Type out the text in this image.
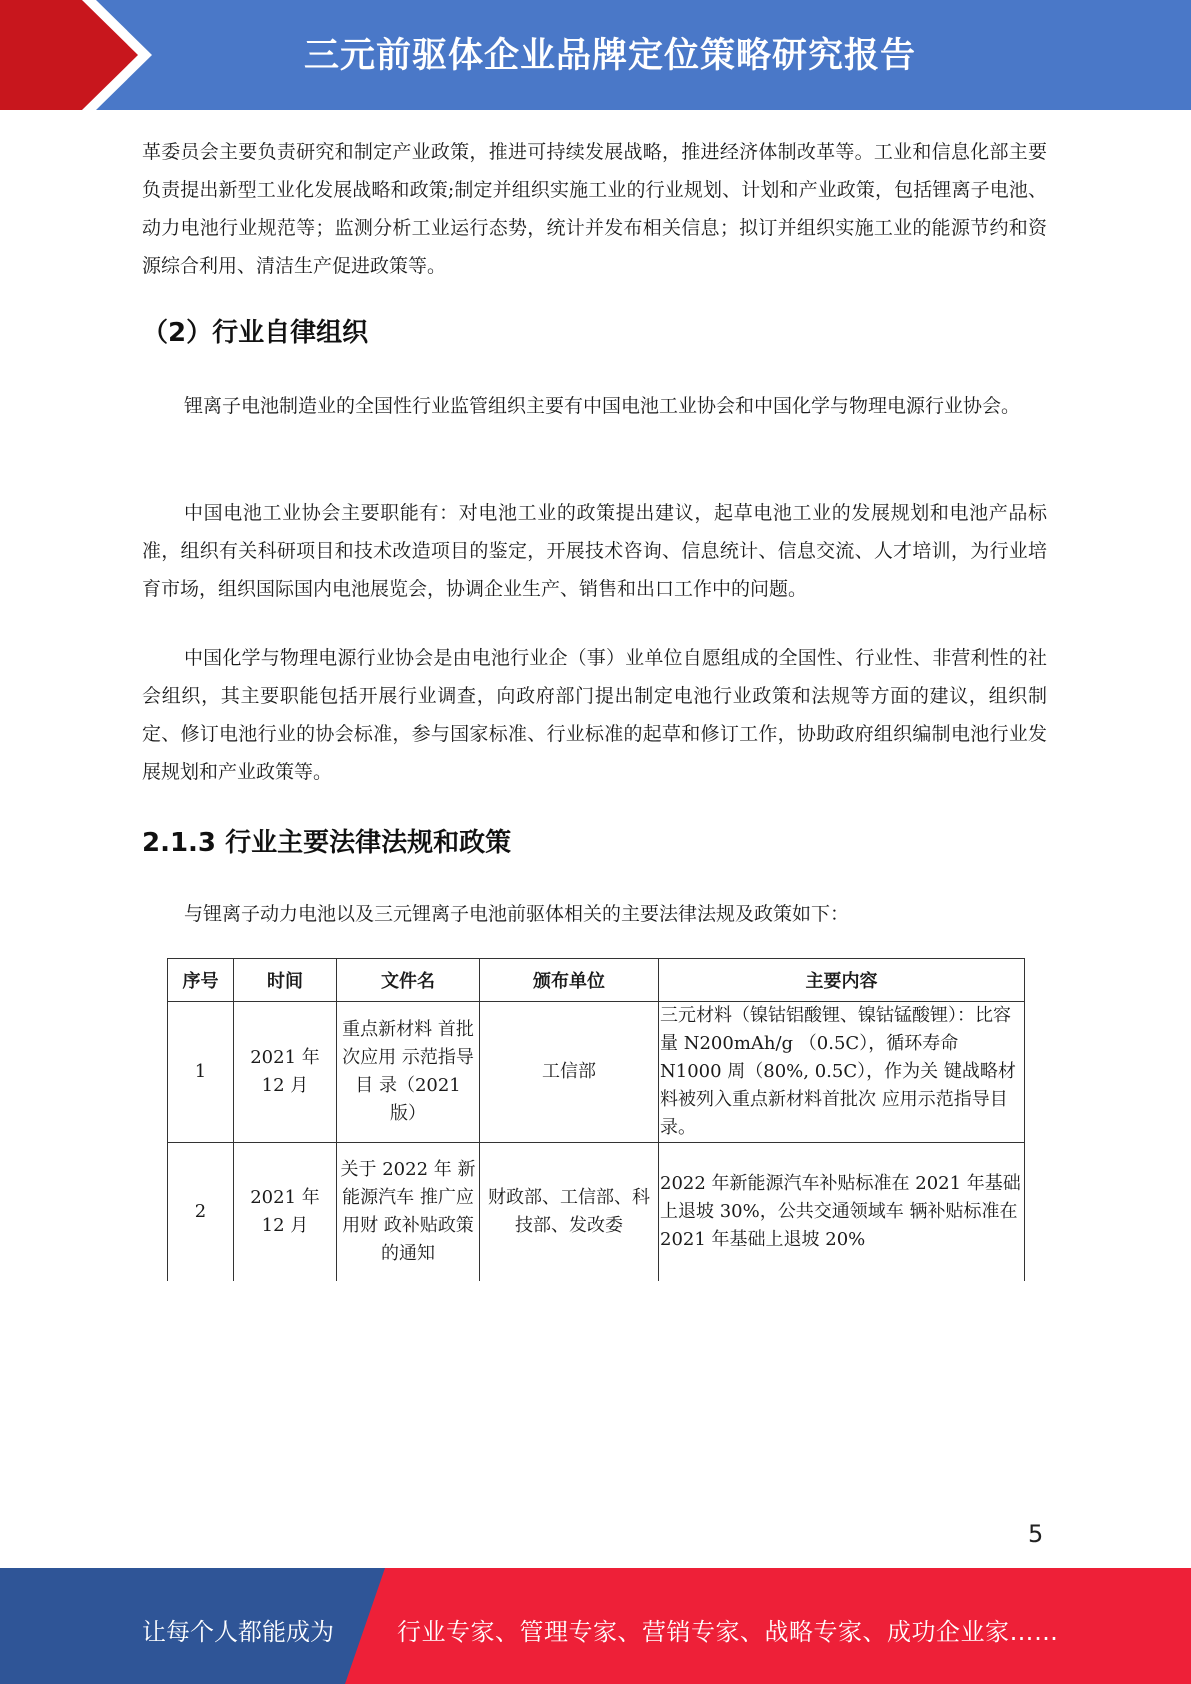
三元前驱体企业品牌定位策略研究报告
革委员会主要负责研究和制定产业政策，推进可持续发展战略，推进经济体制改革等。工业和信息化部主要负责提出新型工业化发展战略和政策;制定并组织实施工业的行业规划、计划和产业政策，包括锂离子电池、动力电池行业规范等；监测分析工业运行态势，统计并发布相关信息；拟订并组织实施工业的能源节约和资源综合利用、清洁生产促进政策等。
（2）行业自律组织
锂离子电池制造业的全国性行业监管组织主要有中国电池工业协会和中国化学与物理电源行业协会。
中国电池工业协会主要职能有：对电池工业的政策提出建议，起草电池工业的发展规划和电池产品标准，组织有关科研项目和技术改造项目的鉴定，开展技术咨询、信息统计、信息交流、人才培训，为行业培育市场，组织国际国内电池展览会，协调企业生产、销售和出口工作中的问题。
中国化学与物理电源行业协会是由电池行业企（事）业单位自愿组成的全国性、行业性、非营利性的社会组织，其主要职能包括开展行业调查，向政府部门提出制定电池行业政策和法规等方面的建议，组织制定、修订电池行业的协会标准，参与国家标准、行业标准的起草和修订工作，协助政府组织编制电池行业发展规划和产业政策等。
2.1.3 行业主要法律法规和政策
与锂离子动力电池以及三元锂离子电池前驱体相关的主要法律法规及政策如下：
序号	时间	文件名	颁布单位	主要内容
1	2021 年 12 月	重点新材料 首批次应用 示范指导目 录（2021 版）	工信部	三元材料（镍钴铝酸锂、镍钴锰酸锂）：比容量 N200mAh/g （0.5C），循环寿命 N1000 周（80%, 0.5C），作为关 键战略材料被列入重点新材料首批次 应用示范指导目录。
2	2021 年 12 月	关于 2022 年 新能源汽车 推广应用财 政补贴政策 的通知	财政部、工信部、科技部、发改委	2022 年新能源汽车补贴标准在 2021 年基础上退坡 30%，公共交通领域车 辆补贴标准在 2021 年基础上退坡 20%
5
让每个人都能成为	行业专家、管理专家、营销专家、战略专家、成功企业家……
